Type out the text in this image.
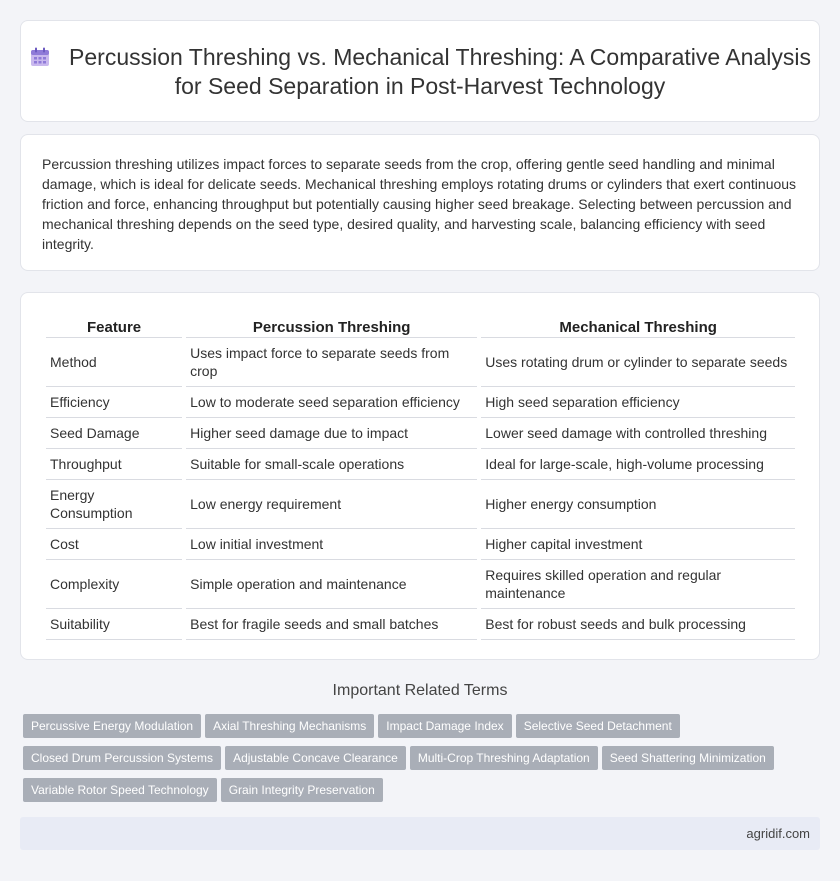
Percussion Threshing vs. Mechanical Threshing: A Comparative Analysis for Seed Separation in Post-Harvest Technology

Percussion threshing utilizes impact forces to separate seeds from the crop, offering gentle seed handling and minimal damage, which is ideal for delicate seeds. Mechanical threshing employs rotating drums or cylinders that exert continuous friction and force, enhancing throughput but potentially causing higher seed breakage. Selecting between percussion and mechanical threshing depends on the seed type, desired quality, and harvesting scale, balancing efficiency with seed integrity.

Feature	Percussion Threshing	Mechanical Threshing
Method	Uses impact force to separate seeds from crop	Uses rotating drum or cylinder to separate seeds
Efficiency	Low to moderate seed separation efficiency	High seed separation efficiency
Seed Damage	Higher seed damage due to impact	Lower seed damage with controlled threshing
Throughput	Suitable for small-scale operations	Ideal for large-scale, high-volume processing
Energy Consumption	Low energy requirement	Higher energy consumption
Cost	Low initial investment	Higher capital investment
Complexity	Simple operation and maintenance	Requires skilled operation and regular maintenance
Suitability	Best for fragile seeds and small batches	Best for robust seeds and bulk processing
Important Related Terms
Percussive Energy Modulation Axial Threshing Mechanisms Impact Damage Index Selective Seed Detachment
Closed Drum Percussion Systems Adjustable Concave Clearance Multi-Crop Threshing Adaptation Seed Shattering Minimization
Variable Rotor Speed Technology Grain Integrity Preservation
agridif.com
